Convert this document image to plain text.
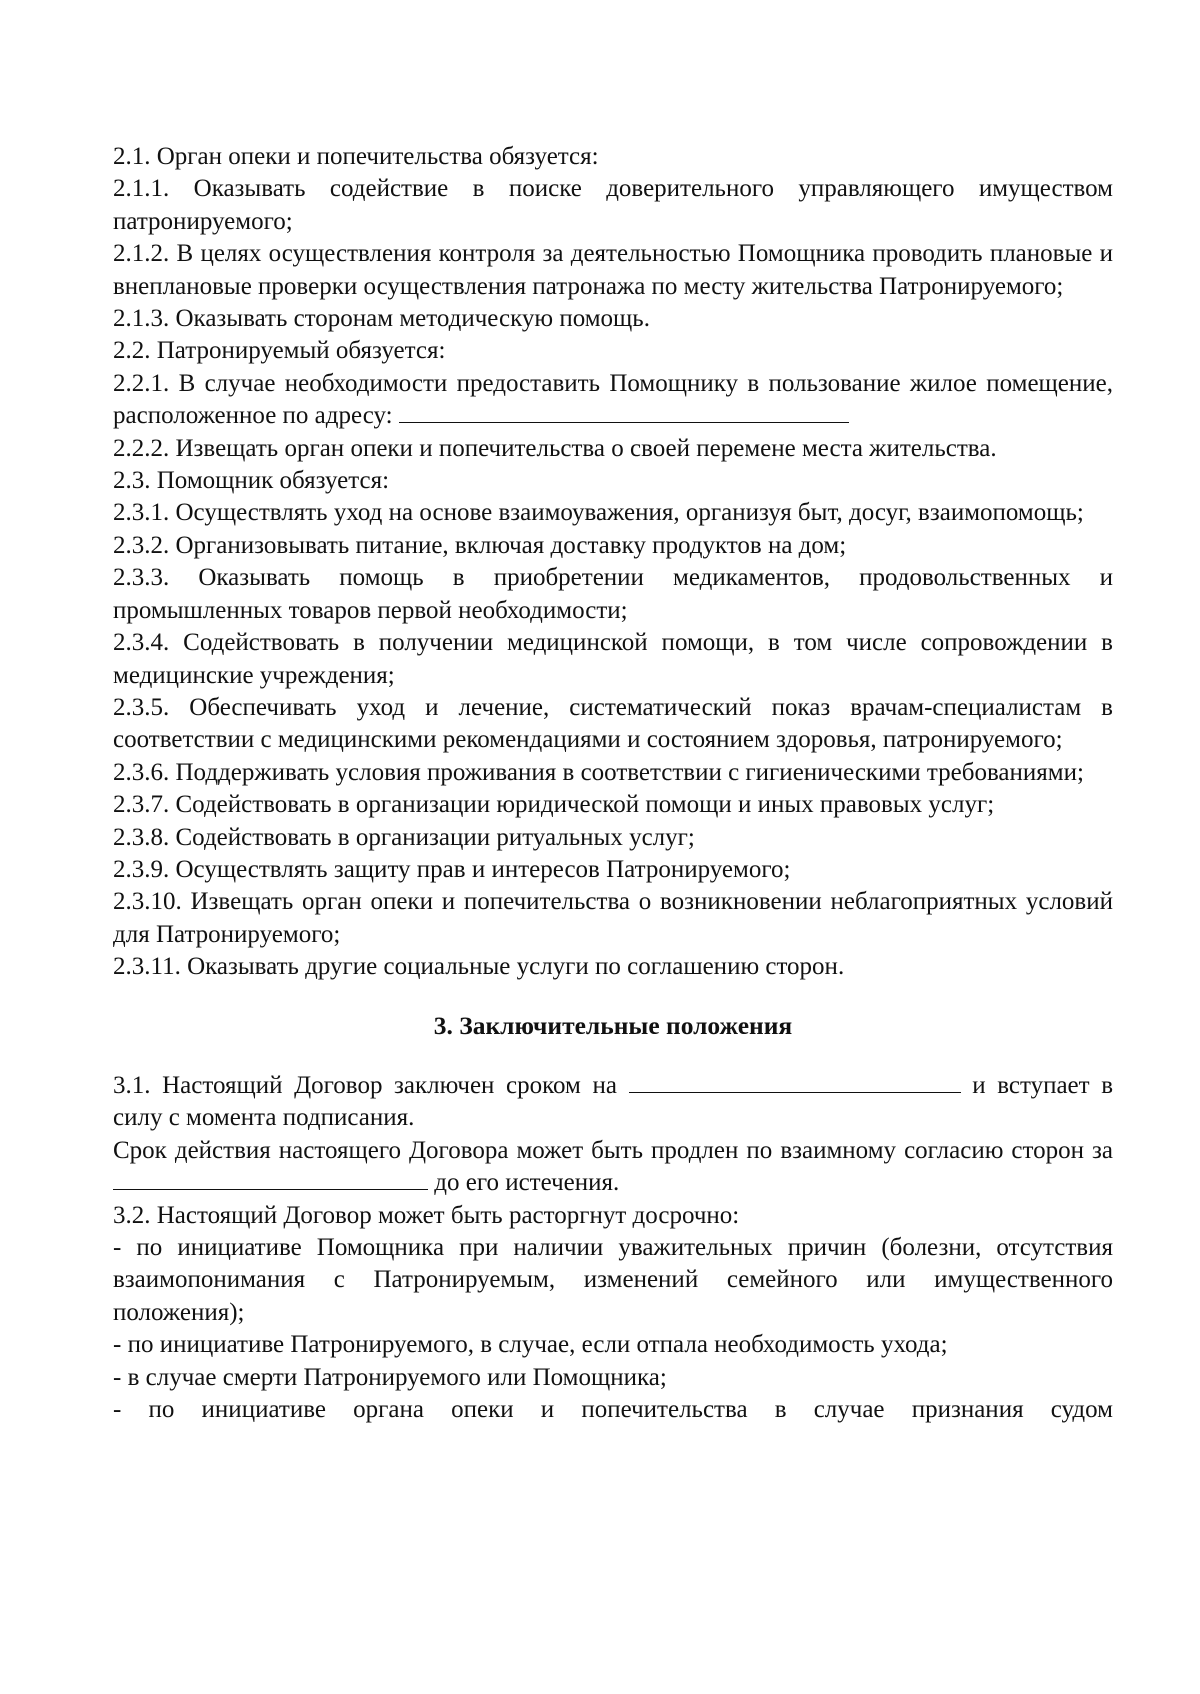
2.1. Орган опеки и попечительства обязуется:

2.1.1. Оказывать содействие в поиске доверительного управляющего имуществом патронируемого;

2.1.2. В целях осуществления контроля за деятельностью Помощника проводить плановые и внеплановые проверки осуществления патронажа по месту жительства Патронируемого;

2.1.3. Оказывать сторонам методическую помощь.

2.2. Патронируемый обязуется:

2.2.1. В случае необходимости предоставить Помощнику в пользование жилое помещение, расположенное по адресу:

2.2.2. Извещать орган опеки и попечительства о своей перемене места жительства.

2.3. Помощник обязуется:

2.3.1. Осуществлять уход на основе взаимоуважения, организуя быт, досуг, взаимопомощь;

2.3.2. Организовывать питание, включая доставку продуктов на дом;

2.3.3. Оказывать помощь в приобретении медикаментов, продовольственных и промышленных товаров первой необходимости;

2.3.4. Содействовать в получении медицинской помощи, в том числе сопровождении в медицинские учреждения;

2.3.5. Обеспечивать уход и лечение, систематический показ врачам-специалистам в соответствии с медицинскими рекомендациями и состоянием здоровья, патронируемого;

2.3.6. Поддерживать условия проживания в соответствии с гигиеническими требованиями;

2.3.7. Содействовать в организации юридической помощи и иных правовых услуг;

2.3.8. Содействовать в организации ритуальных услуг;

2.3.9. Осуществлять защиту прав и интересов Патронируемого;

2.3.10. Извещать орган опеки и попечительства о возникновении неблагоприятных условий для Патронируемого;

2.3.11. Оказывать другие социальные услуги по соглашению сторон.

3. Заключительные положения

3.1. Настоящий Договор заключен сроком на	и вступает в силу с момента подписания.

Срок действия настоящего Договора может быть продлен по взаимному согласию сторон за  до его истечения.

3.2. Настоящий Договор может быть расторгнут досрочно:

- по инициативе Помощника при наличии уважительных причин (болезни, отсутствия взаимопонимания с Патронируемым, изменений семейного или имущественного положения);

- по инициативе Патронируемого, в случае, если отпала необходимость ухода;

- в случае смерти Патронируемого или Помощника;

- по инициативе органа опеки и попечительства в случае признания судом
